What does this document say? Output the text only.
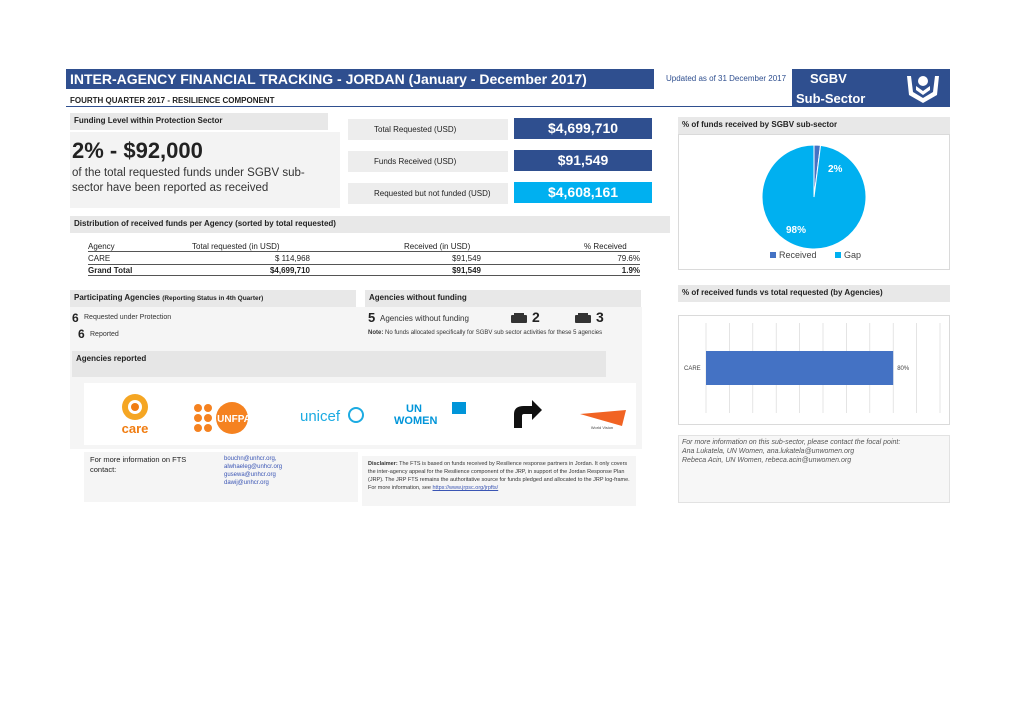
INTER-AGENCY FINANCIAL TRACKING - JORDAN (January - December 2017)	Updated as of 31 December 2017 SGBV
Sub-Sector
FOURTH QUARTER 2017 - RESILIENCE COMPONENT
Funding Level within Protection Sector
2% - $92,000
of the total requested funds under SGBV sub-
sector have been reported as received
Total Requested (USD)	$4,699,710
Funds Received (USD)	$91,549
Requested but not funded (USD)	$4,608,161
% of funds received by SGBV sub-sector
2%
98%
Received	Gap
Distribution of received funds per Agency (sorted by total requested)
Agency	Total requested (in USD)	Received (in USD)	% Received
CARE	$ 114,968	$91,549	79.6%
Grand Total	$4,699,710	$91,549	1.9%
Participating Agencies (Reporting Status in 4th Quarter)
6 Requested under Protection
6 Reported
Agencies without funding
5 Agencies without funding	2	3
Note: No funds allocated specifically for SGBV sub sector activities for these 5 agencies
Agencies reported
care
UNFPA	unicef	UN
WOMEN
World Vision
% of received funds vs total requested (by Agencies)
CARE	80%
For more information on FTS contact:
bouchn@unhcr.org,
alwhaeleg@unhcr.org
gusewa@unhcr.org
dawij@unhcr.org
Disclaimer: The FTS is based on funds received by Resilience response partners in Jordan. It only covers the inter-agency appeal for the Resilience component of the JRP, in support of the Jordan Response Plan (JRP). The JRP FTS remains the authoritative source for funds pledged and allocated to the JRP log-frame. For more information, see https://www.jrpsc.org/jrpfts/
For more information on this sub-sector, please contact the focal point:
Ana Lukatela, UN Women, ana.lukatela@unwomen.org
Rebeca Acin, UN Women, rebeca.acin@unwomen.org
